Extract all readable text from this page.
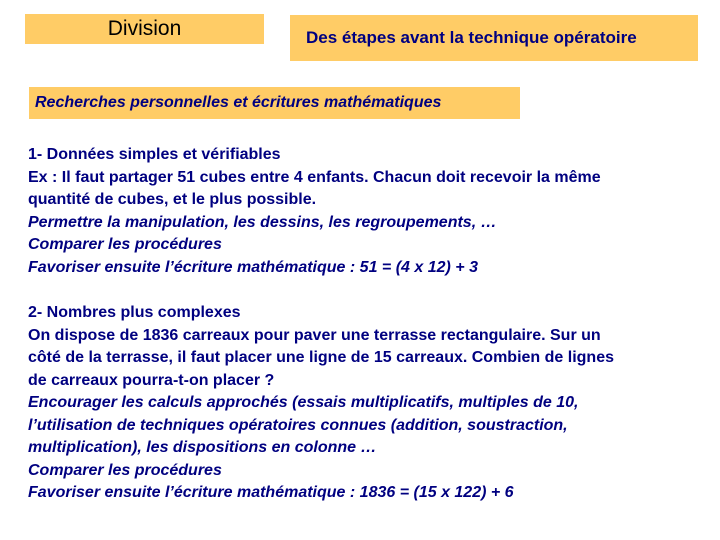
Division	Des étapes avant la technique opératoire
Recherches personnelles et écritures mathématiques
1- Données simples et vérifiables
Ex : Il faut partager 51 cubes entre 4 enfants. Chacun doit recevoir la même
quantité de cubes, et le plus possible.
Permettre la manipulation, les dessins, les regroupements, …
Comparer les procédures
Favoriser ensuite l’écriture mathématique : 51 = (4 x 12) + 3
2- Nombres plus complexes
On dispose de 1836 carreaux pour paver une terrasse rectangulaire. Sur un
côté de la terrasse, il faut placer une ligne de 15 carreaux. Combien de lignes
de carreaux pourra-t-on placer ?
Encourager les calculs approchés (essais multiplicatifs, multiples de 10,
l’utilisation de techniques opératoires connues (addition, soustraction,
multiplication), les dispositions en colonne …
Comparer les procédures
Favoriser ensuite l’écriture mathématique : 1836 = (15 x 122) + 6
